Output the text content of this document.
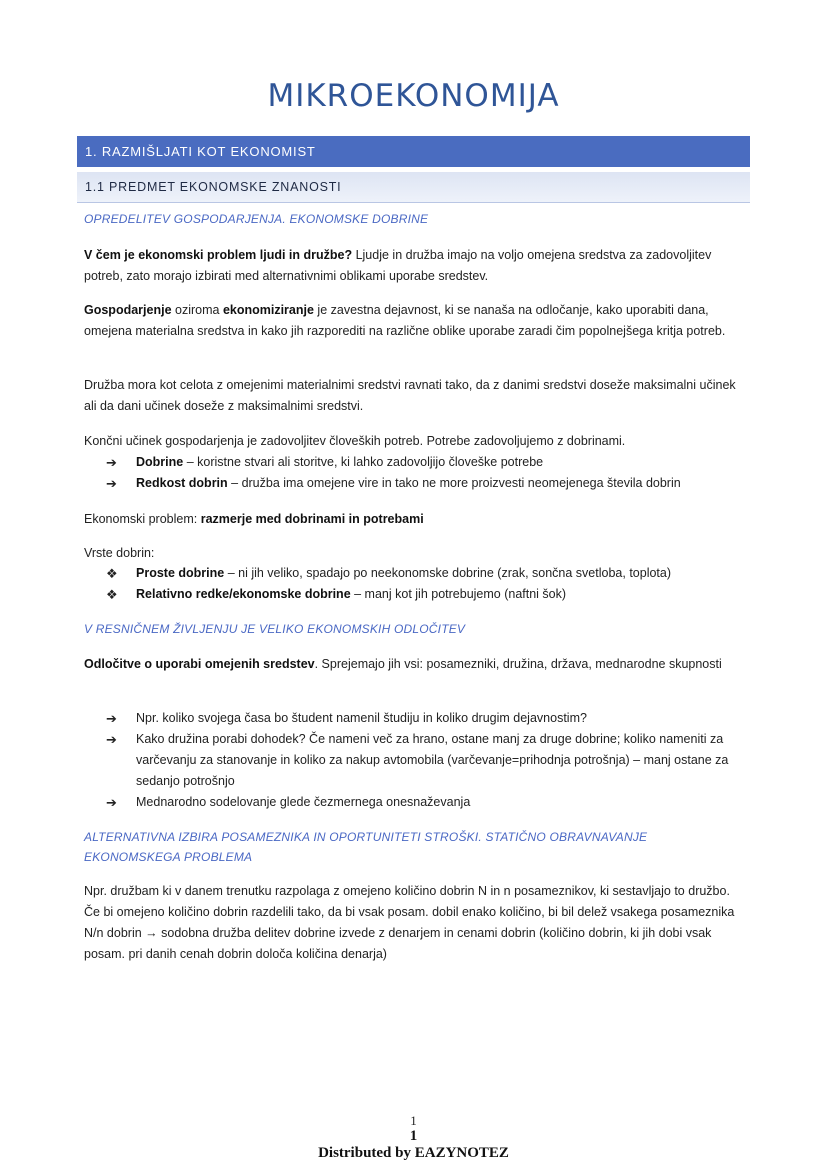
MIKROEKONOMIJA
1. RAZMIŠLJATI KOT EKONOMIST
1.1 PREDMET EKONOMSKE ZNANOSTI
OPREDELITEV GOSPODARJENJA. EKONOMSKE DOBRINE
V čem je ekonomski problem ljudi in družbe? Ljudje in družba imajo na voljo omejena sredstva za zadovoljitev potreb, zato morajo izbirati med alternativnimi oblikami uporabe sredstev.
Gospodarjenje oziroma ekonomiziranje je zavestna dejavnost, ki se nanaša na odločanje, kako uporabiti dana, omejena materialna sredstva in kako jih razporediti na različne oblike uporabe zaradi čim popolnejšega kritja potreb.
Družba mora kot celota z omejenimi materialnimi sredstvi ravnati tako, da z danimi sredstvi doseže maksimalni učinek ali da dani učinek doseže z maksimalnimi sredstvi.
Končni učinek gospodarjenja je zadovoljitev človeških potreb. Potrebe zadovoljujemo z dobrinami.
➔	Dobrine – koristne stvari ali storitve, ki lahko zadovoljijo človeške potrebe
➔	Redkost dobrin – družba ima omejene vire in tako ne more proizvesti neomejenega števila dobrin
Ekonomski problem: razmerje med dobrinami in potrebami
Vrste dobrin:
❖	Proste dobrine – ni jih veliko, spadajo po neekonomske dobrine (zrak, sončna svetloba, toplota)
❖	Relativno redke/ekonomske dobrine – manj kot jih potrebujemo (naftni šok)
V RESNIČNEM ŽIVLJENJU JE VELIKO EKONOMSKIH ODLOČITEV
Odločitve o uporabi omejenih sredstev. Sprejemajo jih vsi: posamezniki, družina, država, mednarodne skupnosti
➔	Npr. koliko svojega časa bo študent namenil študiju in koliko drugim dejavnostim?
➔	Kako družina porabi dohodek? Če nameni več za hrano, ostane manj za druge dobrine; koliko nameniti za varčevanju za stanovanje in koliko za nakup avtomobila (varčevanje=prihodnja potrošnja) – manj ostane za sedanjo potrošnjo
➔	Mednarodno sodelovanje glede čezmernega onesnaževanja
ALTERNATIVNA IZBIRA POSAMEZNIKA IN OPORTUNITETI STROŠKI. STATIČNO OBRAVNAVANJE
EKONOMSKEGA PROBLEMA
Npr. družbam ki v danem trenutku razpolaga z omejeno količino dobrin N in n posameznikov, ki sestavljajo to družbo. Če bi omejeno količino dobrin razdelili tako, da bi vsak posam. dobil enako količino, bi bil delež vsakega posameznika N/n dobrin → sodobna družba delitev dobrine izvede z denarjem in cenami dobrin (količino dobrin, ki jih dobi vsak posam. pri danih cenah dobrin določa količina denarja)
1
1
Distributed by EAZYNOTEZ
